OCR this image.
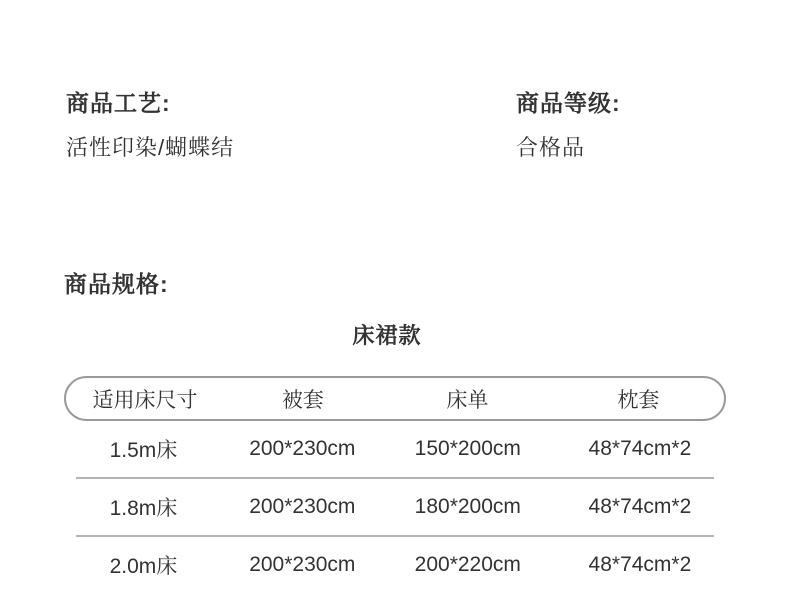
商品工艺:
活性印染/蝴蝶结
商品等级:
合格品
商品规格:
床裙款
适用床尺寸	被套	床单	枕套
1.5m床	200*230cm	150*200cm	48*74cm*2
1.8m床	200*230cm	180*200cm	48*74cm*2
2.0m床	200*230cm	200*220cm	48*74cm*2
